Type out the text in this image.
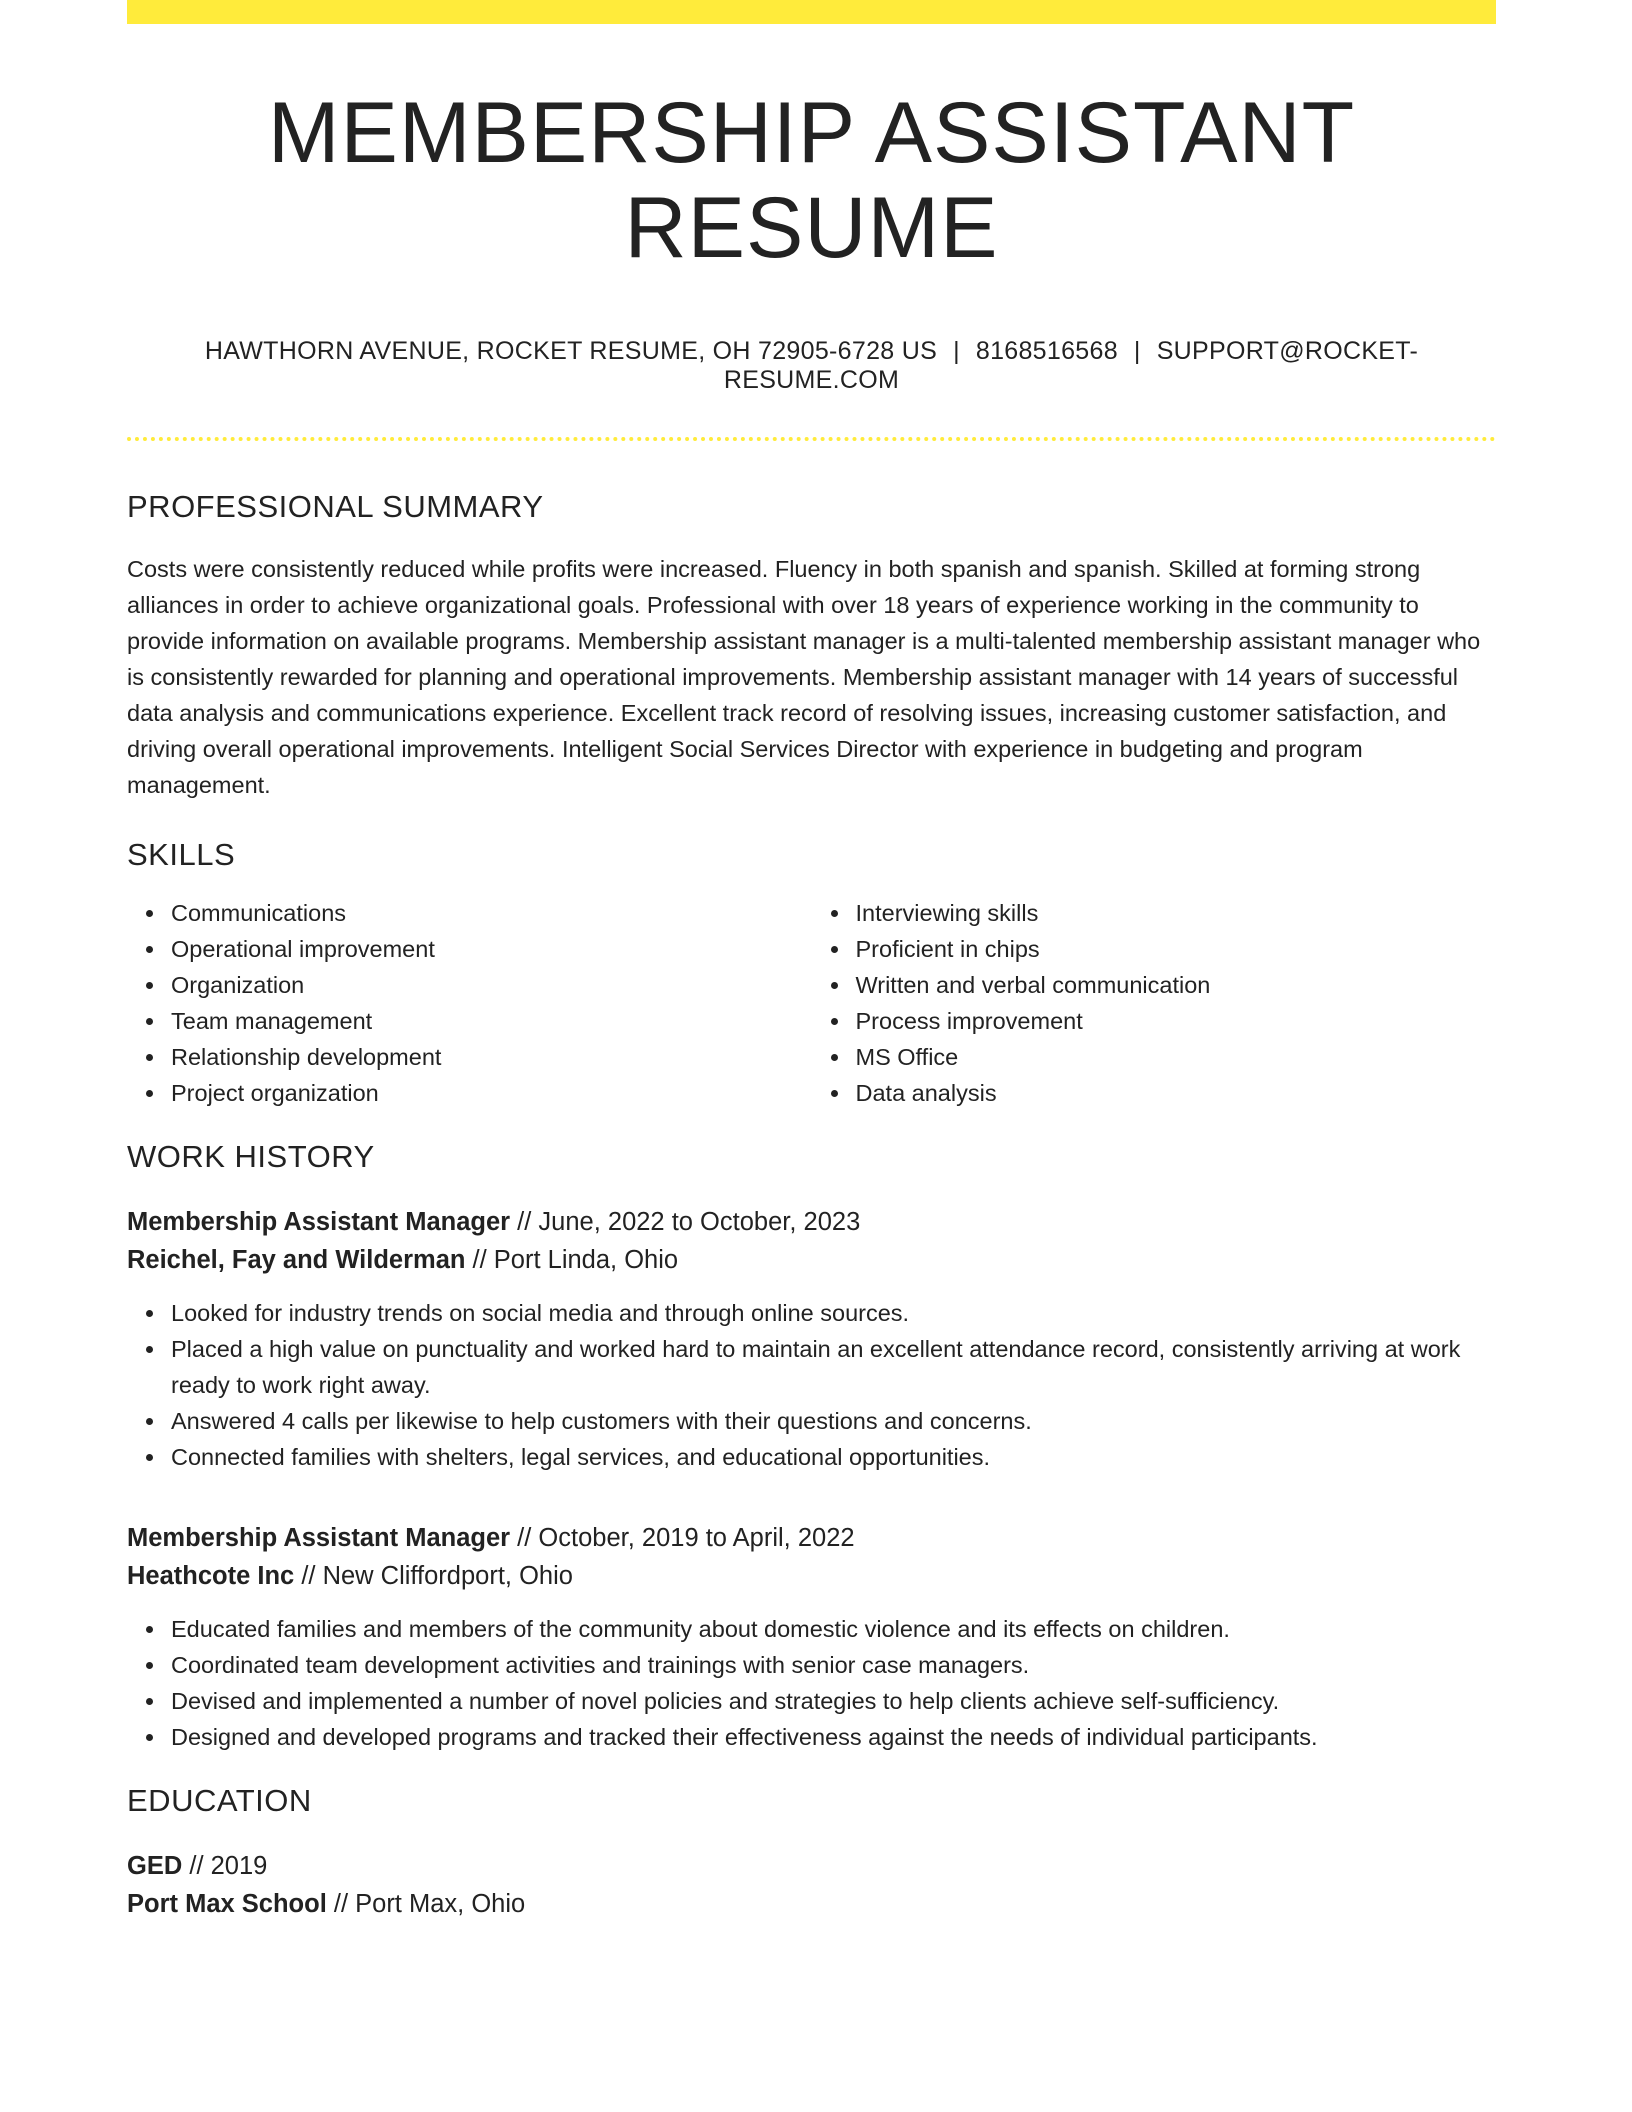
MEMBERSHIP ASSISTANT RESUME
HAWTHORN AVENUE, ROCKET RESUME, OH 72905-6728 US | 8168516568 | SUPPORT@ROCKET-RESUME.COM
PROFESSIONAL SUMMARY

Costs were consistently reduced while profits were increased. Fluency in both spanish and spanish. Skilled at forming strong alliances in order to achieve organizational goals. Professional with over 18 years of experience working in the community to provide information on available programs. Membership assistant manager is a multi-talented membership assistant manager who is consistently rewarded for planning and operational improvements. Membership assistant manager with 14 years of successful data analysis and communications experience. Excellent track record of resolving issues, increasing customer satisfaction, and driving overall operational improvements. Intelligent Social Services Director with experience in budgeting and program management.

SKILLS
Communications
Operational improvement
Organization
Team management
Relationship development
Project organization
Interviewing skills
Proficient in chips
Written and verbal communication
Process improvement
MS Office
Data analysis
WORK HISTORY
Membership Assistant Manager // June, 2022 to October, 2023
Reichel, Fay and Wilderman // Port Linda, Ohio
Looked for industry trends on social media and through online sources.
Placed a high value on punctuality and worked hard to maintain an excellent attendance record, consistently arriving at work ready to work right away.
Answered 4 calls per likewise to help customers with their questions and concerns.
Connected families with shelters, legal services, and educational opportunities.
Membership Assistant Manager // October, 2019 to April, 2022
Heathcote Inc // New Cliffordport, Ohio
Educated families and members of the community about domestic violence and its effects on children.
Coordinated team development activities and trainings with senior case managers.
Devised and implemented a number of novel policies and strategies to help clients achieve self-sufficiency.
Designed and developed programs and tracked their effectiveness against the needs of individual participants.
EDUCATION
GED // 2019
Port Max School // Port Max, Ohio
